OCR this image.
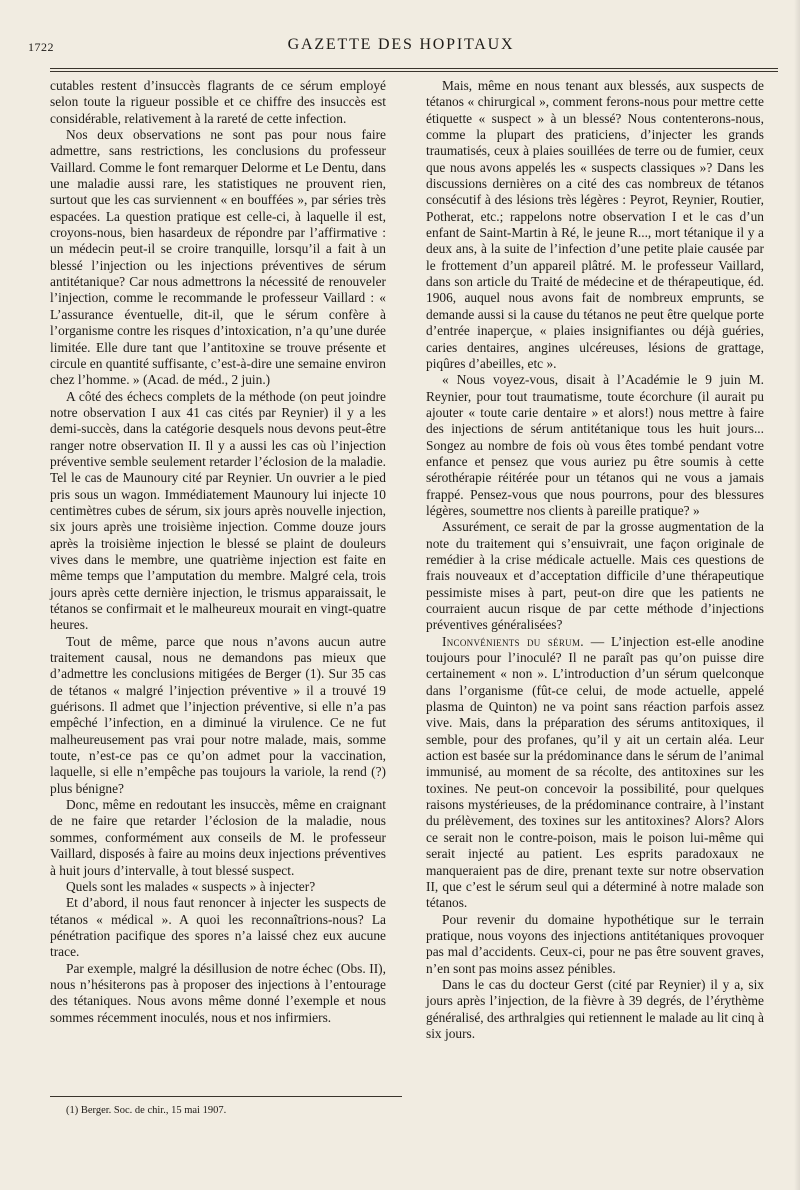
1722	GAZETTE DES HOPITAUX

cutables restent d’insuccès flagrants de ce sérum employé selon toute la rigueur possible et ce chiffre des insuccès est considérable, relativement à la rareté de cette infection.

Nos deux observations ne sont pas pour nous faire admettre, sans restrictions, les conclusions du professeur Vaillard. Comme le font remarquer Delorme et Le Dentu, dans une maladie aussi rare, les statistiques ne prouvent rien, surtout que les cas surviennent « en bouffées », par séries très espacées. La question pratique est celle-ci, à laquelle il est, croyons-nous, bien hasardeux de répondre par l’affirmative : un médecin peut-il se croire tranquille, lorsqu’il a fait à un blessé l’injection ou les injections préventives de sérum antitétanique? Car nous admettrons la nécessité de renouveler l’injection, comme le recommande le professeur Vaillard : « L’assurance éventuelle, dit-il, que le sérum confère à l’organisme contre les risques d’intoxication, n’a qu’une durée limitée. Elle dure tant que l’antitoxine se trouve présente et circule en quantité suffisante, c’est-à-dire une semaine environ chez l’homme. » (Acad. de méd., 2 juin.)

A côté des échecs complets de la méthode (on peut joindre notre observation I aux 41 cas cités par Reynier) il y a les demi-succès, dans la catégorie desquels nous devons peut-être ranger notre observation II. Il y a aussi les cas où l’injection préventive semble seulement retarder l’éclosion de la maladie. Tel le cas de Maunoury cité par Reynier. Un ouvrier a le pied pris sous un wagon. Immédiatement Maunoury lui injecte 10 centimètres cubes de sérum, six jours après nouvelle injection, six jours après une troisième injection. Comme douze jours après la troisième injection le blessé se plaint de douleurs vives dans le membre, une quatrième injection est faite en même temps que l’amputation du membre. Malgré cela, trois jours après cette dernière injection, le trismus apparaissait, le tétanos se confirmait et le malheureux mourait en vingt-quatre heures.

Tout de même, parce que nous n’avons aucun autre traitement causal, nous ne demandons pas mieux que d’admettre les conclusions mitigées de Berger (1). Sur 35 cas de tétanos « malgré l’injection préventive » il a trouvé 19 guérisons. Il admet que l’injection préventive, si elle n’a pas empêché l’infection, en a diminué la virulence. Ce ne fut malheureusement pas vrai pour notre malade, mais, somme toute, n’est-ce pas ce qu’on admet pour la vaccination, laquelle, si elle n’empêche pas toujours la variole, la rend (?) plus bénigne?

Donc, même en redoutant les insuccès, même en craignant de ne faire que retarder l’éclosion de la maladie, nous sommes, conformément aux conseils de M. le professeur Vaillard, disposés à faire au moins deux injections préventives à huit jours d’intervalle, à tout blessé suspect.

Quels sont les malades « suspects » à injecter?

Et d’abord, il nous faut renoncer à injecter les suspects de tétanos « médical ». A quoi les reconnaîtrions-nous? La pénétration pacifique des spores n’a laissé chez eux aucune trace.

Par exemple, malgré la désillusion de notre échec (Obs. II), nous n’hésiterons pas à proposer des injections à l’entourage des tétaniques. Nous avons même donné l’exemple et nous sommes récemment inoculés, nous et nos infirmiers.

Mais, même en nous tenant aux blessés, aux suspects de tétanos « chirurgical », comment ferons-nous pour mettre cette étiquette « suspect » à un blessé? Nous contenterons-nous, comme la plupart des praticiens, d’injecter les grands traumatisés, ceux à plaies souillées de terre ou de fumier, ceux que nous avons appelés les « suspects classiques »? Dans les discussions dernières on a cité des cas nombreux de tétanos consécutif à des lésions très légères : Peyrot, Reynier, Routier, Potherat, etc.; rappelons notre observation I et le cas d’un enfant de Saint-Martin à Ré, le jeune R..., mort tétanique il y a deux ans, à la suite de l’infection d’une petite plaie causée par le frottement d’un appareil plâtré. M. le professeur Vaillard, dans son article du Traité de médecine et de thérapeutique, éd. 1906, auquel nous avons fait de nombreux emprunts, se demande aussi si la cause du tétanos ne peut être quelque porte d’entrée inaperçue, « plaies insignifiantes ou déjà guéries, caries dentaires, angines ulcéreuses, lésions de grattage, piqûres d’abeilles, etc ».

« Nous voyez-vous, disait à l’Académie le 9 juin M. Reynier, pour tout traumatisme, toute écorchure (il aurait pu ajouter « toute carie dentaire » et alors!) nous mettre à faire des injections de sérum antitétanique tous les huit jours... Songez au nombre de fois où vous êtes tombé pendant votre enfance et pensez que vous auriez pu être soumis à cette sérothérapie réitérée pour un tétanos qui ne vous a jamais frappé. Pensez-vous que nous pourrons, pour des blessures légères, soumettre nos clients à pareille pratique? »

Assurément, ce serait de par la grosse augmentation de la note du traitement qui s’ensuivrait, une façon originale de remédier à la crise médicale actuelle. Mais ces questions de frais nouveaux et d’acceptation difficile d’une thérapeutique pessimiste mises à part, peut-on dire que les patients ne courraient aucun risque de par cette méthode d’injections préventives généralisées?

Inconvénients du sérum. — L’injection est-elle anodine toujours pour l’inoculé? Il ne paraît pas qu’on puisse dire certainement « non ». L’introduction d’un sérum quelconque dans l’organisme (fût-ce celui, de mode actuelle, appelé plasma de Quinton) ne va point sans réaction parfois assez vive. Mais, dans la préparation des sérums antitoxiques, il semble, pour des profanes, qu’il y ait un certain aléa. Leur action est basée sur la prédominance dans le sérum de l’animal immunisé, au moment de sa récolte, des antitoxines sur les toxines. Ne peut-on concevoir la possibilité, pour quelques raisons mystérieuses, de la prédominance contraire, à l’instant du prélèvement, des toxines sur les antitoxines? Alors? Alors ce serait non le contre-poison, mais le poison lui-même qui serait injecté au patient. Les esprits paradoxaux ne manqueraient pas de dire, prenant texte sur notre observation II, que c’est le sérum seul qui a déterminé à notre malade son tétanos.

Pour revenir du domaine hypothétique sur le terrain pratique, nous voyons des injections antitétaniques provoquer pas mal d’accidents. Ceux-ci, pour ne pas être souvent graves, n’en sont pas moins assez pénibles.

Dans le cas du docteur Gerst (cité par Reynier) il y a, six jours après l’injection, de la fièvre à 39 degrés, de l’érythème généralisé, des arthralgies qui retiennent le malade au lit cinq à six jours.

(1) Berger. Soc. de chir., 15 mai 1907.
